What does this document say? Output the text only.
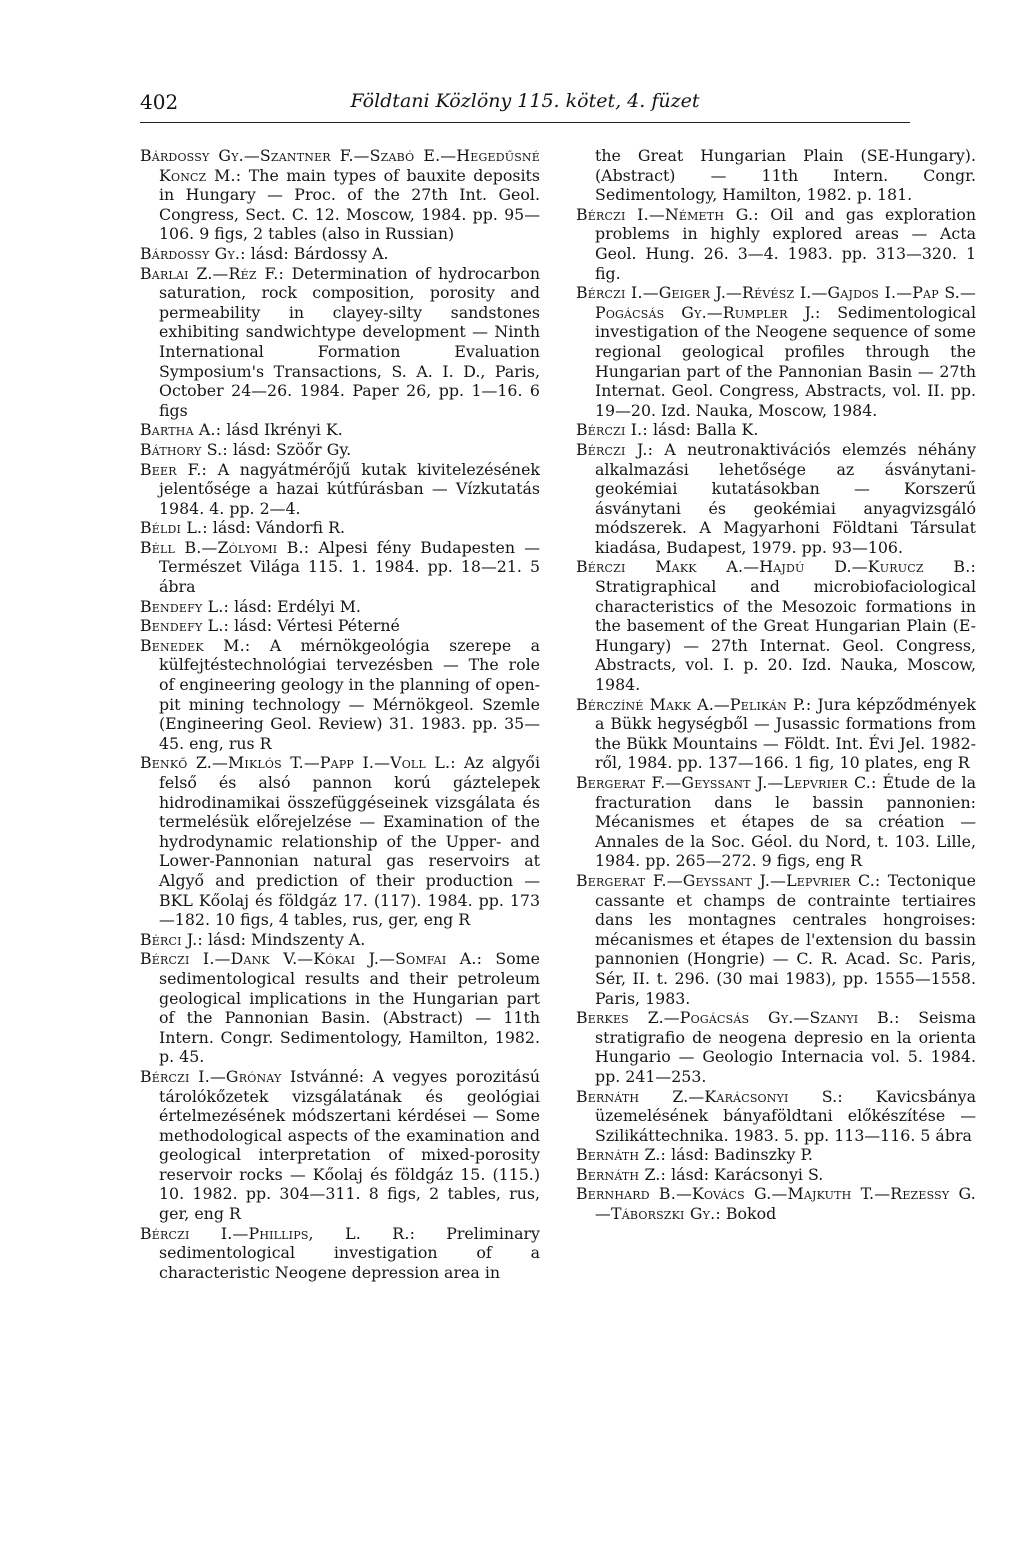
402	Földtani Közlöny 115. kötet, 4. füzet

Bárdossy Gy.—Szantner F.—Szabó E.—Hegedűsné Koncz M.: The main types of bauxite deposits in Hungary — Proc. of the 27th Int. Geol. Congress, Sect. C. 12. Moscow, 1984. pp. 95—106. 9 figs, 2 tables (also in Russian)

Bárdossy Gy.: lásd: Bárdossy A.

Barlai Z.—Réz F.: Determination of hydrocarbon saturation, rock composition, porosity and permeability in clayey-silty sandstones exhibiting sandwichtype development — Ninth International Formation Evaluation Symposium's Transactions, S. A. I. D., Paris, October 24—26. 1984. Paper 26, pp. 1—16. 6 figs

Bartha A.: lásd Ikrényi K.

Báthory S.: lásd: Szöőr Gy.

Beer F.: A nagyátmérőjű kutak kivitelezésének jelentősége a hazai kútfúrásban — Vízkutatás 1984. 4. pp. 2—4.

Béldi L.: lásd: Vándorfi R.

Béll B.—Zólyomi B.: Alpesi fény Budapesten — Természet Világa 115. 1. 1984. pp. 18—21. 5 ábra

Bendefy L.: lásd: Erdélyi M.

Bendefy L.: lásd: Vértesi Péterné

Benedek M.: A mérnökgeológia szerepe a külfejtéstechnológiai tervezésben — The role of engineering geology in the planning of open-pit mining technology — Mérnökgeol. Szemle (Engineering Geol. Review) 31. 1983. pp. 35—45. eng, rus R

Benkő Z.—Miklós T.—Papp I.—Voll L.: Az algyői felső és alsó pannon korú gáztelepek hidrodinamikai összefüggéseinek vizsgálata és termelésük előrejelzése — Examination of the hydrodynamic relationship of the Upper- and Lower-Pannonian natural gas reservoirs at Algyő and prediction of their production — BKL Kőolaj és földgáz 17. (117). 1984. pp. 173—182. 10 figs, 4 tables, rus, ger, eng R

Bérci J.: lásd: Mindszenty A.

Bérczi I.—Dank V.—Kókai J.—Somfai A.: Some sedimentological results and their petroleum geological implications in the Hungarian part of the Pannonian Basin. (Abstract) — 11th Intern. Congr. Sedimentology, Hamilton, 1982. p. 45.

Bérczi I.—Grónay Istvánné: A vegyes porozitású tárolókőzetek vizsgálatának és geológiai értelmezésének módszertani kérdései — Some methodological aspects of the examination and geological interpretation of mixed-porosity reservoir rocks — Kőolaj és földgáz 15. (115.) 10. 1982. pp. 304—311. 8 figs, 2 tables, rus, ger, eng R

Bérczi I.—Phillips, L. R.: Preliminary sedimentological investigation of a characteristic Neogene depression area in

the Great Hungarian Plain (SE-Hungary). (Abstract) — 11th Intern. Congr. Sedimentology, Hamilton, 1982. p. 181.

Bérczi I.—Németh G.: Oil and gas exploration problems in highly explored areas — Acta Geol. Hung. 26. 3—4. 1983. pp. 313—320. 1 fig.

Bérczi I.—Geiger J.—Révész I.—Gajdos I.—Pap S.—Pogácsás Gy.—Rumpler J.: Sedimentological investigation of the Neogene sequence of some regional geological profiles through the Hungarian part of the Pannonian Basin — 27th Internat. Geol. Congress, Abstracts, vol. II. pp. 19—20. Izd. Nauka, Moscow, 1984.

Bérczi I.: lásd: Balla K.

Bérczi J.: A neutronaktivációs elemzés néhány alkalmazási lehetősége az ásványtani-geokémiai kutatásokban — Korszerű ásványtani és geokémiai anyagvizsgáló módszerek. A Magyarhoni Földtani Társulat kiadása, Budapest, 1979. pp. 93—106.

Bérczi Makk A.—Hajdú D.—Kurucz B.: Stratigraphical and microbiofaciological characteristics of the Mesozoic formations in the basement of the Great Hungarian Plain (E-Hungary) — 27th Internat. Geol. Congress, Abstracts, vol. I. p. 20. Izd. Nauka, Moscow, 1984.

Bérczíné Makk A.—Pelikán P.: Jura képződmények a Bükk hegységből — Jusassic formations from the Bükk Mountains — Földt. Int. Évi Jel. 1982-ről, 1984. pp. 137—166. 1 fig, 10 plates, eng R

Bergerat F.—Geyssant J.—Lepvrier C.: Étude de la fracturation dans le bassin pannonien: Mécanismes et étapes de sa création — Annales de la Soc. Géol. du Nord, t. 103. Lille, 1984. pp. 265—272. 9 figs, eng R

Bergerat F.—Geyssant J.—Lepvrier C.: Tectonique cassante et champs de contrainte tertiaires dans les montagnes centrales hongroises: mécanismes et étapes de l'extension du bassin pannonien (Hongrie) — C. R. Acad. Sc. Paris, Sér, II. t. 296. (30 mai 1983), pp. 1555—1558. Paris, 1983.

Berkes Z.—Pogácsás Gy.—Szanyi B.: Seisma stratigrafio de neogena depresio en la orienta Hungario — Geologio Internacia vol. 5. 1984. pp. 241—253.

Bernáth Z.—Karácsonyi S.: Kavicsbánya üzemelésének bányaföldtani előkészítése — Szilikáttechnika. 1983. 5. pp. 113—116. 5 ábra

Bernáth Z.: lásd: Badinszky P.

Bernáth Z.: lásd: Karácsonyi S.

Bernhard B.—Kovács G.—Majkuth T.—Rezessy G.—Táborszki Gy.: Bokod
